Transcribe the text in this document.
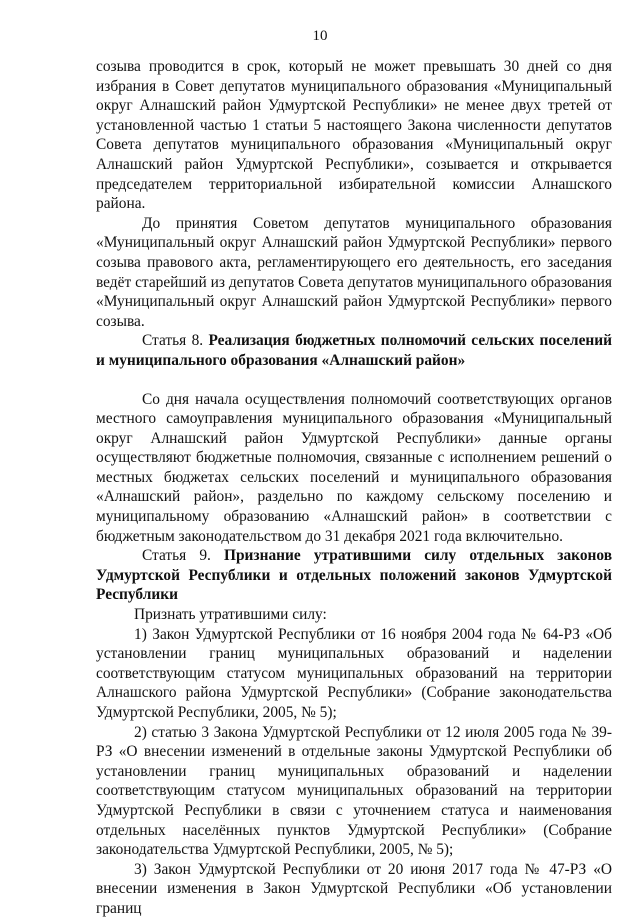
10

созыва проводится в срок, который не может превышать 30 дней со дня избрания в Совет депутатов муниципального образования «Муниципальный округ Алнашский район Удмуртской Республики» не менее двух третей от установленной частью 1 статьи 5 настоящего Закона численности депутатов Совета депутатов муниципального образования «Муниципальный округ Алнашский район Удмуртской Республики», созывается и открывается председателем территориальной избирательной комиссии Алнашского района.

До принятия Советом депутатов муниципального образования «Муниципальный округ Алнашский район Удмуртской Республики» первого созыва правового акта, регламентирующего его деятельность, его заседания ведёт старейший из депутатов Совета депутатов муниципального образования «Муниципальный округ Алнашский район Удмуртской Республики» первого созыва.

Статья 8. Реализация бюджетных полномочий сельских поселений и муниципального образования «Алнашский район»

Со дня начала осуществления полномочий соответствующих органов местного самоуправления муниципального образования «Муниципальный округ Алнашский район Удмуртской Республики» данные органы осуществляют бюджетные полномочия, связанные с исполнением решений о местных бюджетах сельских поселений и муниципального образования «Алнашский район», раздельно по каждому сельскому поселению и муниципальному образованию «Алнашский район» в соответствии с бюджетным законодательством до 31 декабря 2021 года включительно.

Статья 9. Признание утратившими силу отдельных законов Удмуртской Республики и отдельных положений законов Удмуртской Республики

Признать утратившими силу:

1) Закон Удмуртской Республики от 16 ноября 2004 года № 64-РЗ «Об установлении границ муниципальных образований и наделении соответствующим статусом муниципальных образований на территории Алнашского района Удмуртской Республики» (Собрание законодательства Удмуртской Республики, 2005, № 5);

2) статью 3 Закона Удмуртской Республики от 12 июля 2005 года № 39-РЗ «О внесении изменений в отдельные законы Удмуртской Республики об установлении границ муниципальных образований и наделении соответствующим статусом муниципальных образований на территории Удмуртской Республики в связи с уточнением статуса и наименования отдельных населённых пунктов Удмуртской Республики» (Собрание законодательства Удмуртской Республики, 2005, № 5);

3) Закон Удмуртской Республики от 20 июня 2017 года № 47-РЗ «О внесении изменения в Закон Удмуртской Республики «Об установлении границ
